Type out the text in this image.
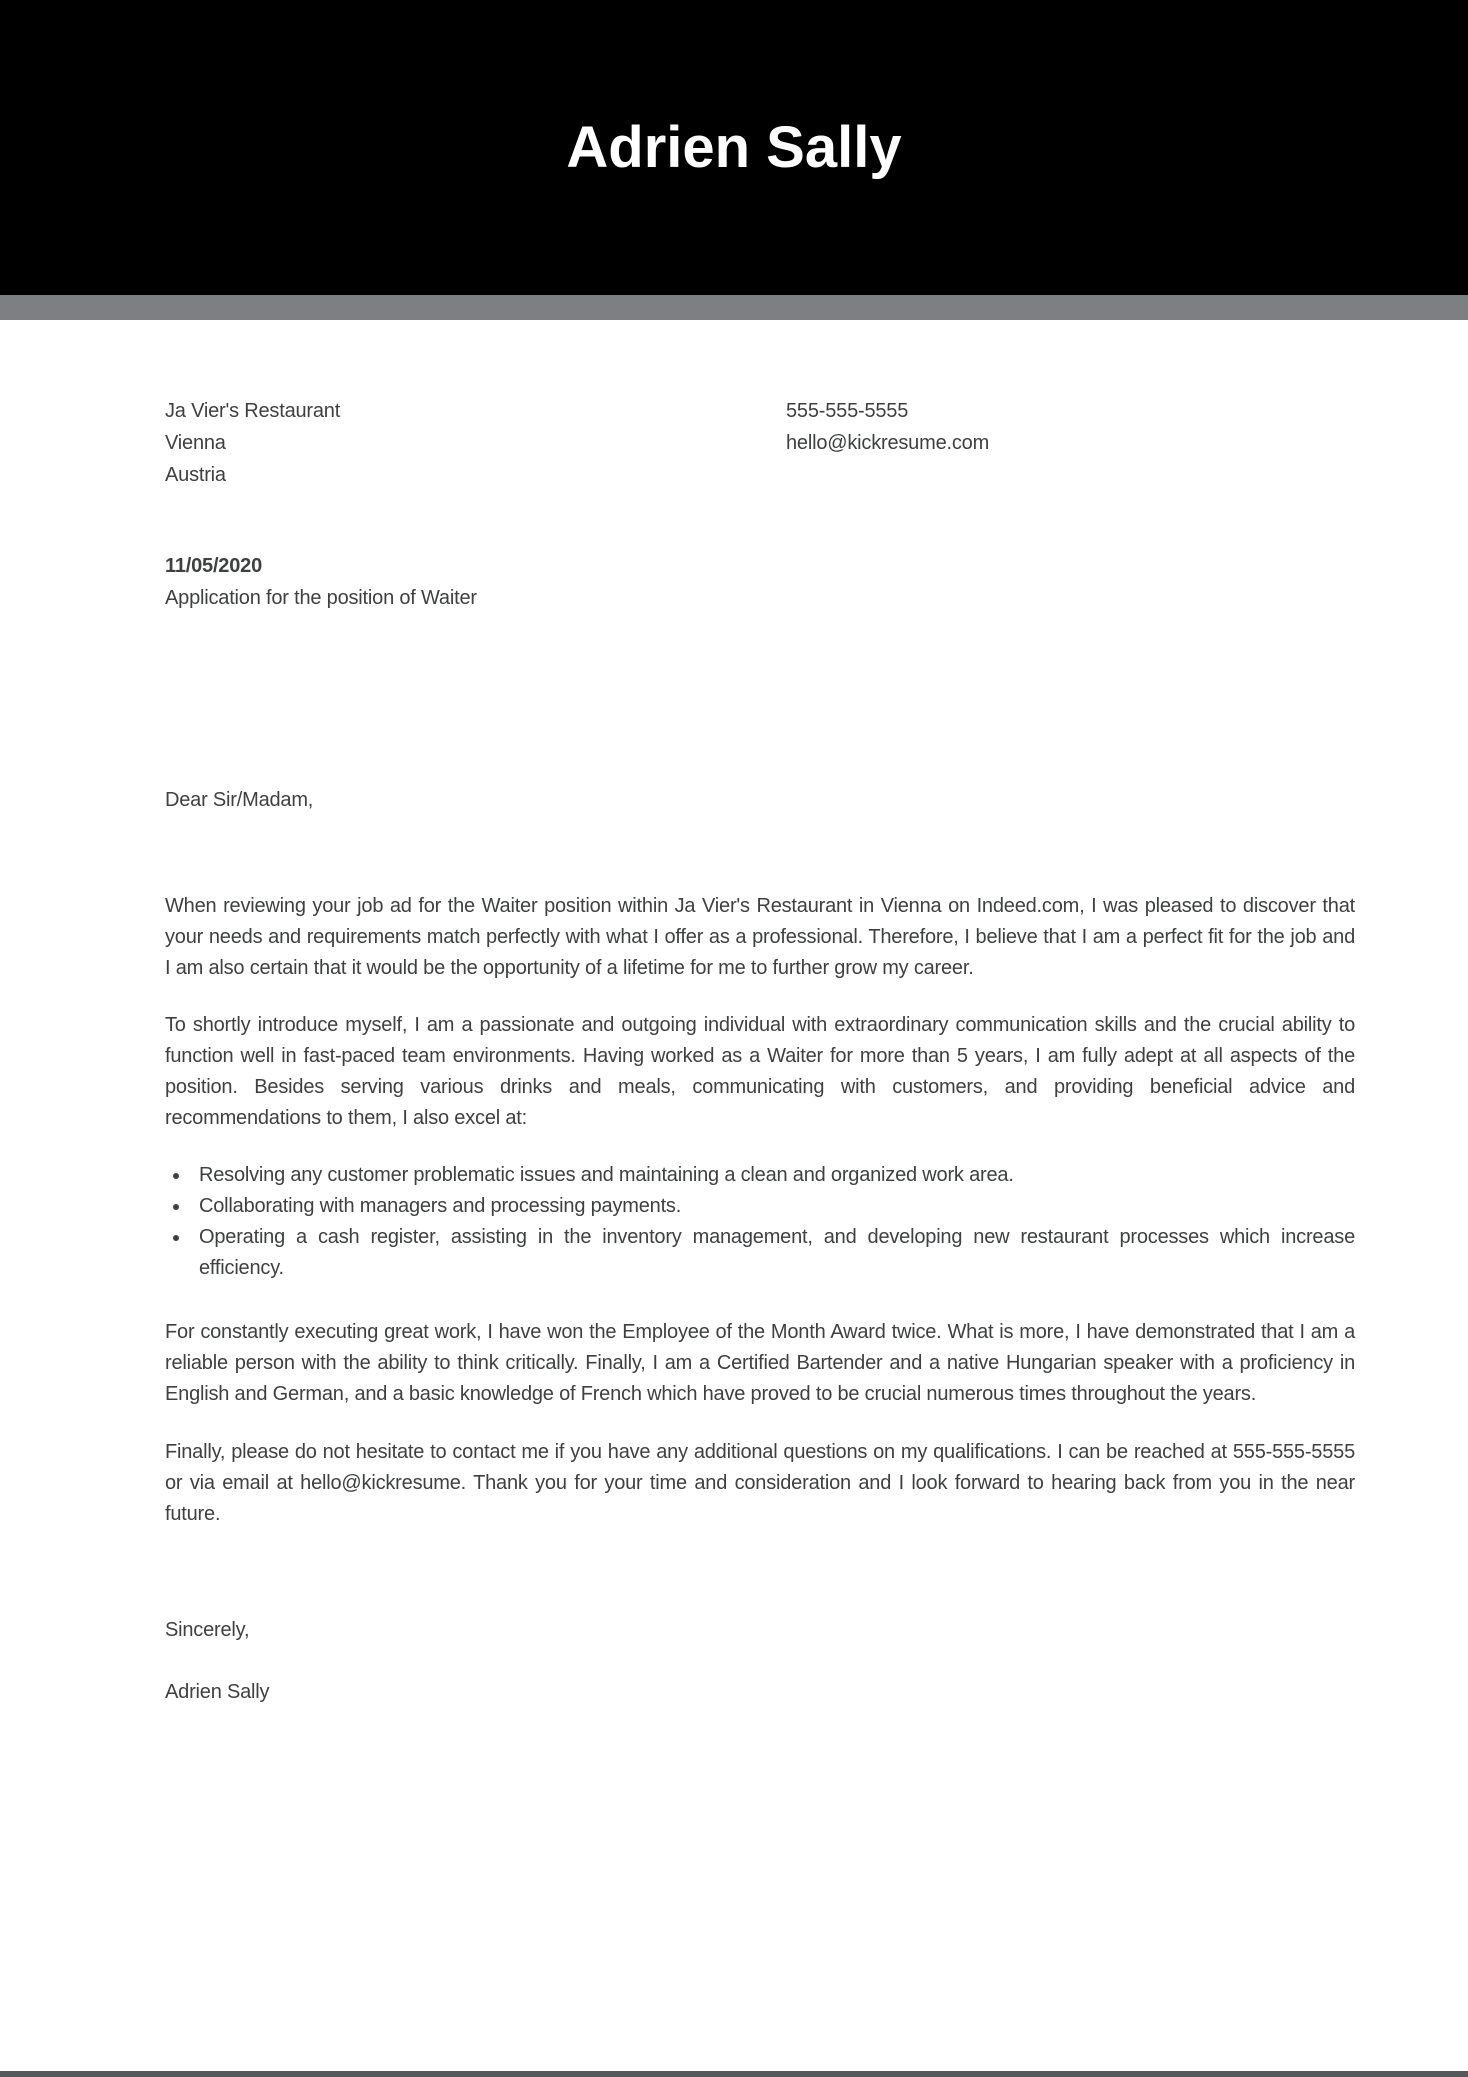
Adrien Sally
Ja Vier's Restaurant
Vienna
Austria
555-555-5555
hello@kickresume.com
11/05/2020
Application for the position of Waiter
Dear Sir/Madam,

When reviewing your job ad for the Waiter position within Ja Vier's Restaurant in Vienna on Indeed.com, I was pleased to discover that your needs and requirements match perfectly with what I offer as a professional. Therefore, I believe that I am a perfect fit for the job and I am also certain that it would be the opportunity of a lifetime for me to further grow my career.

To shortly introduce myself, I am a passionate and outgoing individual with extraordinary communication skills and the crucial ability to function well in fast-paced team environments. Having worked as a Waiter for more than 5 years, I am fully adept at all aspects of the position. Besides serving various drinks and meals, communicating with customers, and providing beneficial advice and recommendations to them, I also excel at:

• Resolving any customer problematic issues and maintaining a clean and organized work area.
• Collaborating with managers and processing payments.
• Operating a cash register, assisting in the inventory management, and developing new restaurant processes which increase efficiency.

For constantly executing great work, I have won the Employee of the Month Award twice. What is more, I have demonstrated that I am a reliable person with the ability to think critically. Finally, I am a Certified Bartender and a native Hungarian speaker with a proficiency in English and German, and a basic knowledge of French which have proved to be crucial numerous times throughout the years.

Finally, please do not hesitate to contact me if you have any additional questions on my qualifications. I can be reached at 555-555-5555 or via email at hello@kickresume. Thank you for your time and consideration and I look forward to hearing back from you in the near future.

Sincerely,
Adrien Sally
